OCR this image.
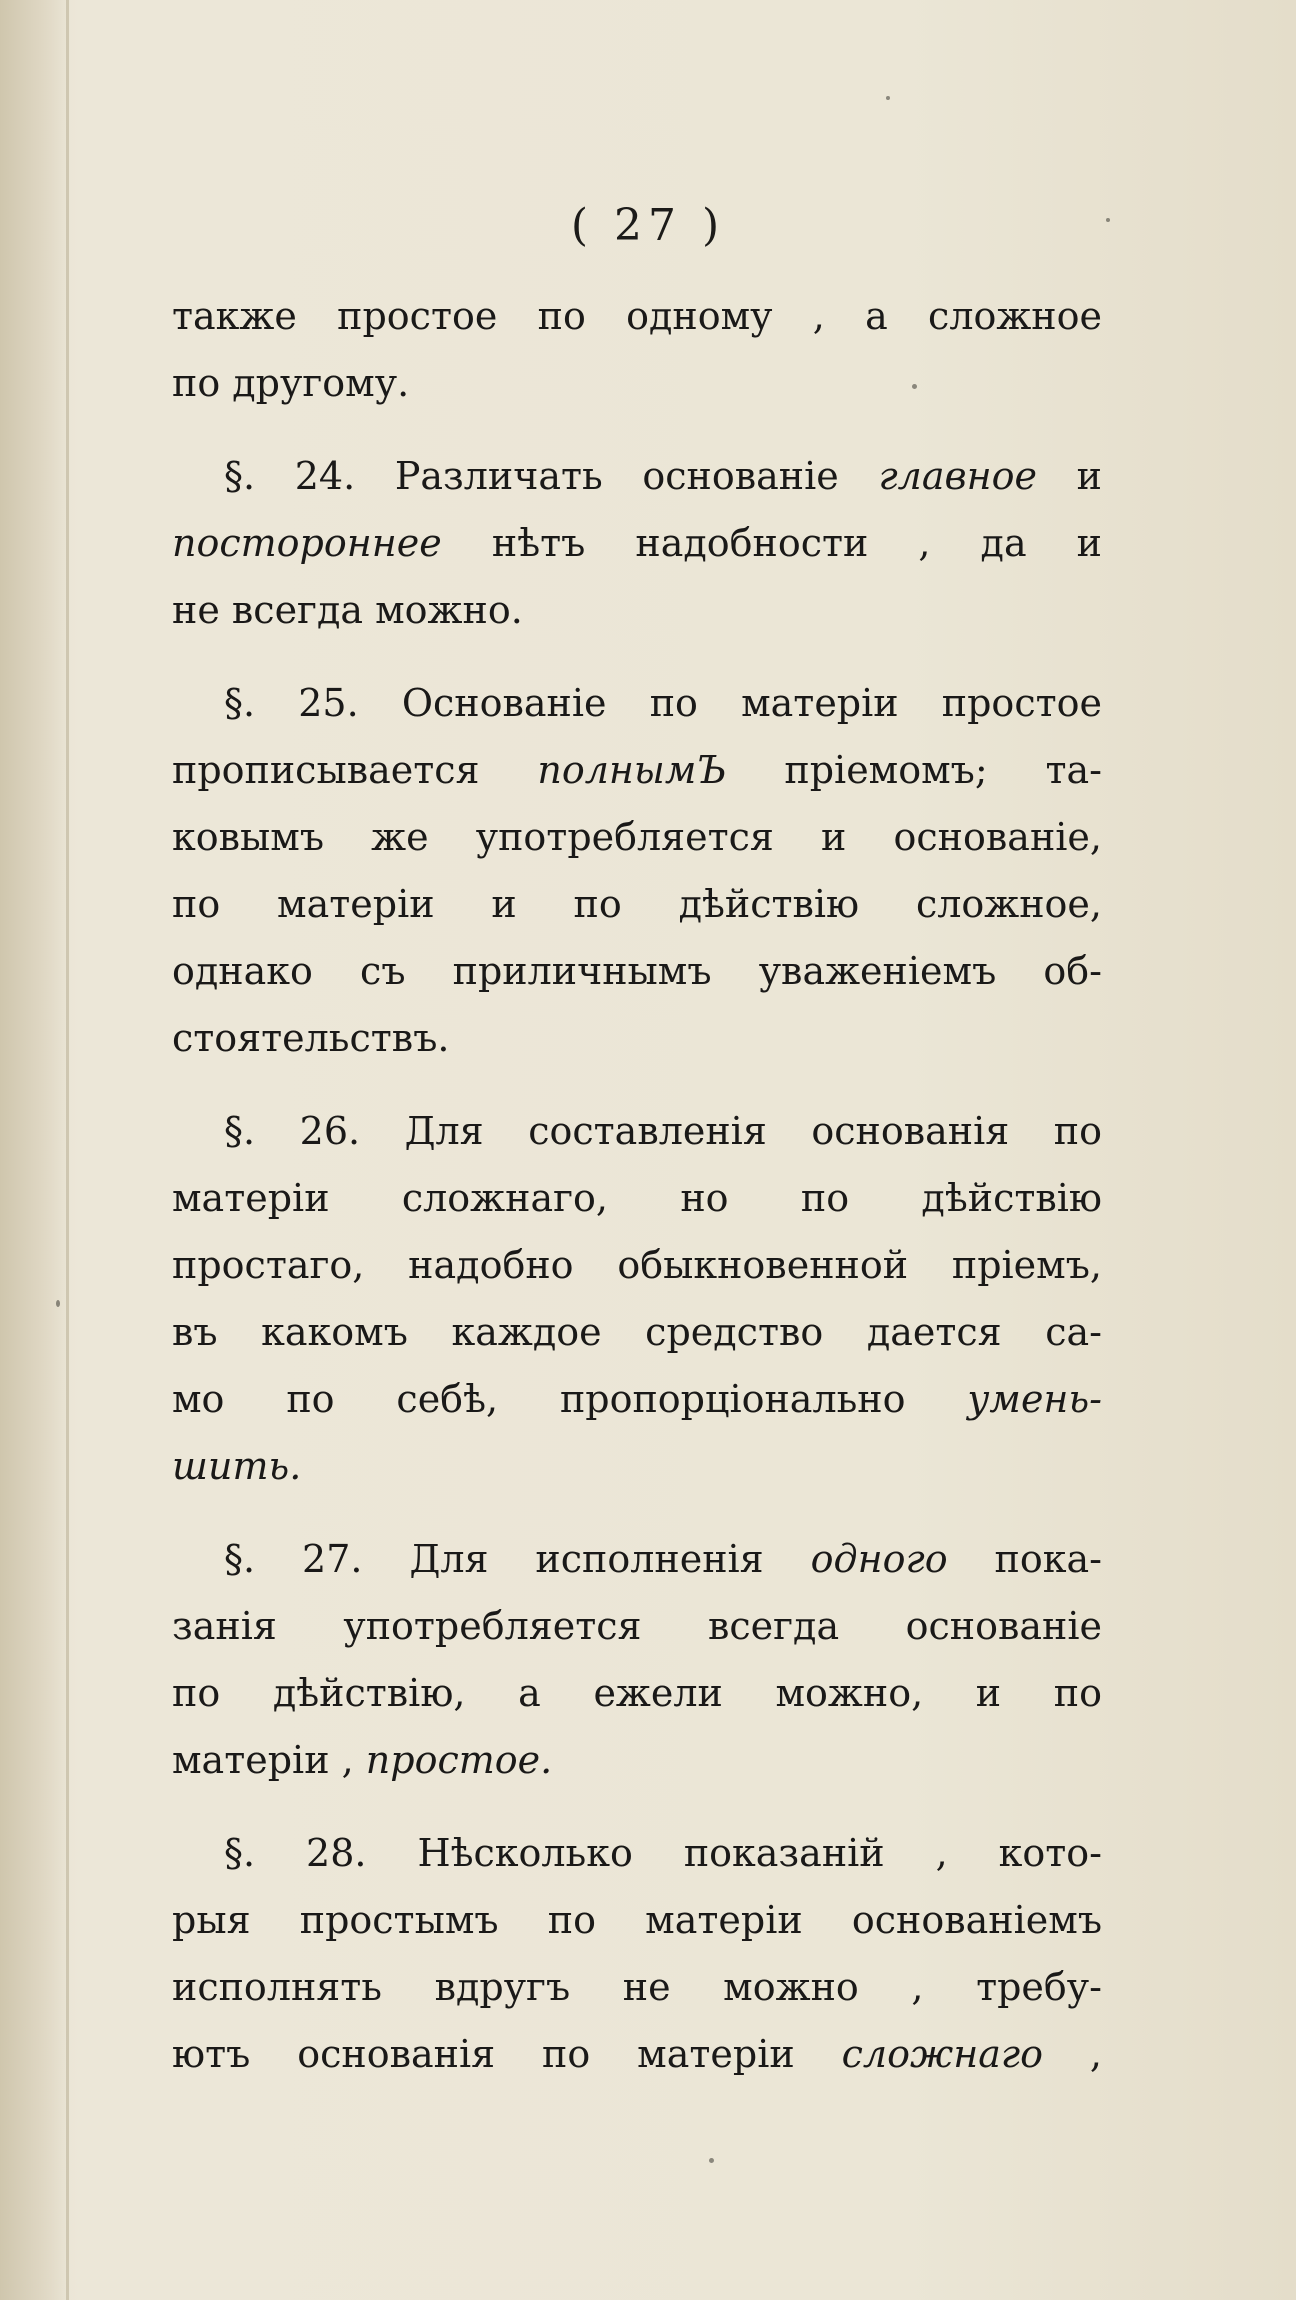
( 27 )
также простое по одному , а сложное
по другому.
§. 24. Различать основаніе главное и
постороннее нѣтъ надобности , да и
не всегда можно.
§. 25. Основаніе по матеріи простое
прописывается полнымЪ пріемомъ; та-
ковымъ же употребляется и основаніе,
по матеріи и по дѣйствію сложное,
однако съ приличнымъ уваженіемъ об-
стоятельствъ.
§. 26. Для составленія основанія по
матеріи сложнаго, но по дѣйствію
простаго, надобно обыкновенной пріемъ,
въ какомъ каждое средство дается са-
мо по себѣ, пропорціонально умень-
шить.
§. 27. Для исполненія одного пока-
занія употребляется всегда основаніе
по дѣйствію, а ежели можно, и по
матеріи , простое.
§. 28. Нѣсколько показаній , кото-
рыя простымъ по матеріи основаніемъ
исполнять вдругъ не можно , требу-
ютъ основанія по матеріи сложнаго ,
